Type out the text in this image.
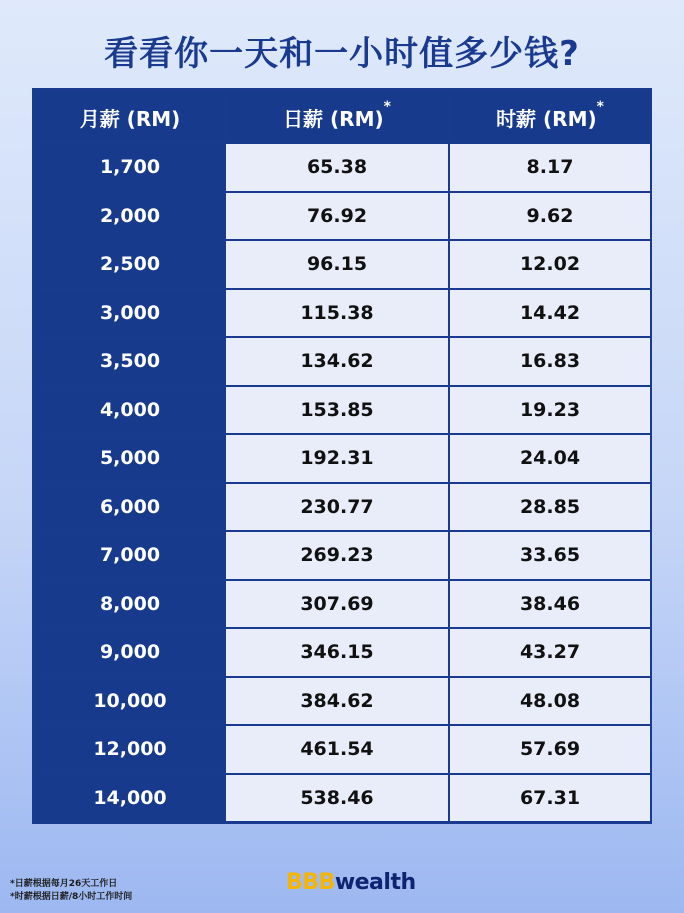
看看你一天和一小时值多少钱?
月薪 (RM)	日薪 (RM)*	时薪 (RM)*
1,700	65.38	8.17
2,000	76.92	9.62
2,500	96.15	12.02
3,000	115.38	14.42
3,500	134.62	16.83
4,000	153.85	19.23
5,000	192.31	24.04
6,000	230.77	28.85
7,000	269.23	33.65
8,000	307.69	38.46
9,000	346.15	43.27
10,000	384.62	48.08
12,000	461.54	57.69
14,000	538.46	67.31
*日薪根据每月26天工作日
*时薪根据日薪/8小时工作时间
BBBwealth
